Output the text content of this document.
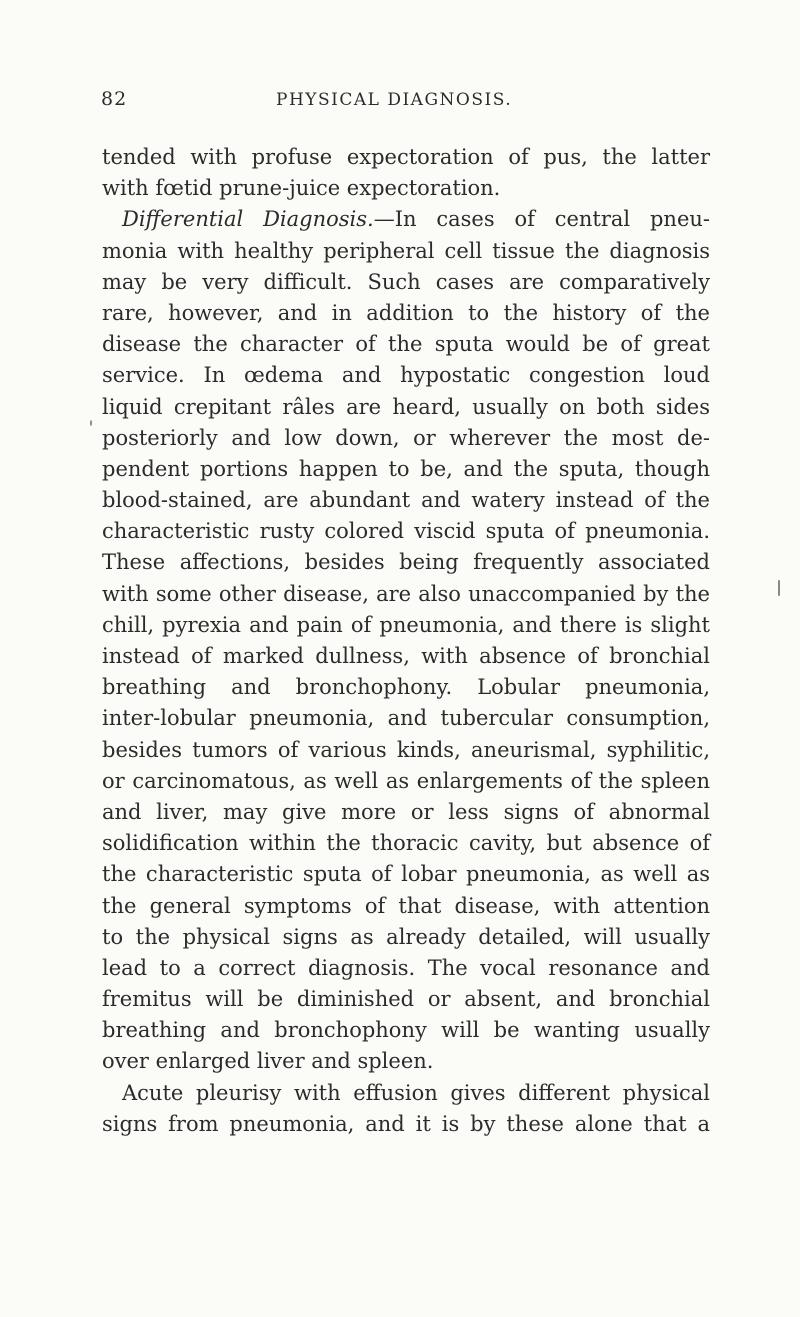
82	PHYSICAL DIAGNOSIS.
tended with profuse expectoration of pus, the latter
with fœtid prune-juice expectoration.
Differential Diagnosis.—In cases of central pneu-
monia with healthy peripheral cell tissue the diagnosis
may be very difficult. Such cases are comparatively
rare, however, and in addition to the history of the
disease the character of the sputa would be of great
service. In œdema and hypostatic congestion loud
liquid crepitant râles are heard, usually on both sides
posteriorly and low down, or wherever the most de-
pendent portions happen to be, and the sputa, though
blood-stained, are abundant and watery instead of the
characteristic rusty colored viscid sputa of pneumonia.
These affections, besides being frequently associated
with some other disease, are also unaccompanied by the
chill, pyrexia and pain of pneumonia, and there is slight
instead of marked dullness, with absence of bronchial
breathing and bronchophony. Lobular pneumonia,
inter-lobular pneumonia, and tubercular consumption,
besides tumors of various kinds, aneurismal, syphilitic,
or carcinomatous, as well as enlargements of the spleen
and liver, may give more or less signs of abnormal
solidification within the thoracic cavity, but absence of
the characteristic sputa of lobar pneumonia, as well as
the general symptoms of that disease, with attention
to the physical signs as already detailed, will usually
lead to a correct diagnosis. The vocal resonance and
fremitus will be diminished or absent, and bronchial
breathing and bronchophony will be wanting usually
over enlarged liver and spleen.
Acute pleurisy with effusion gives different physical
signs from pneumonia, and it is by these alone that a
